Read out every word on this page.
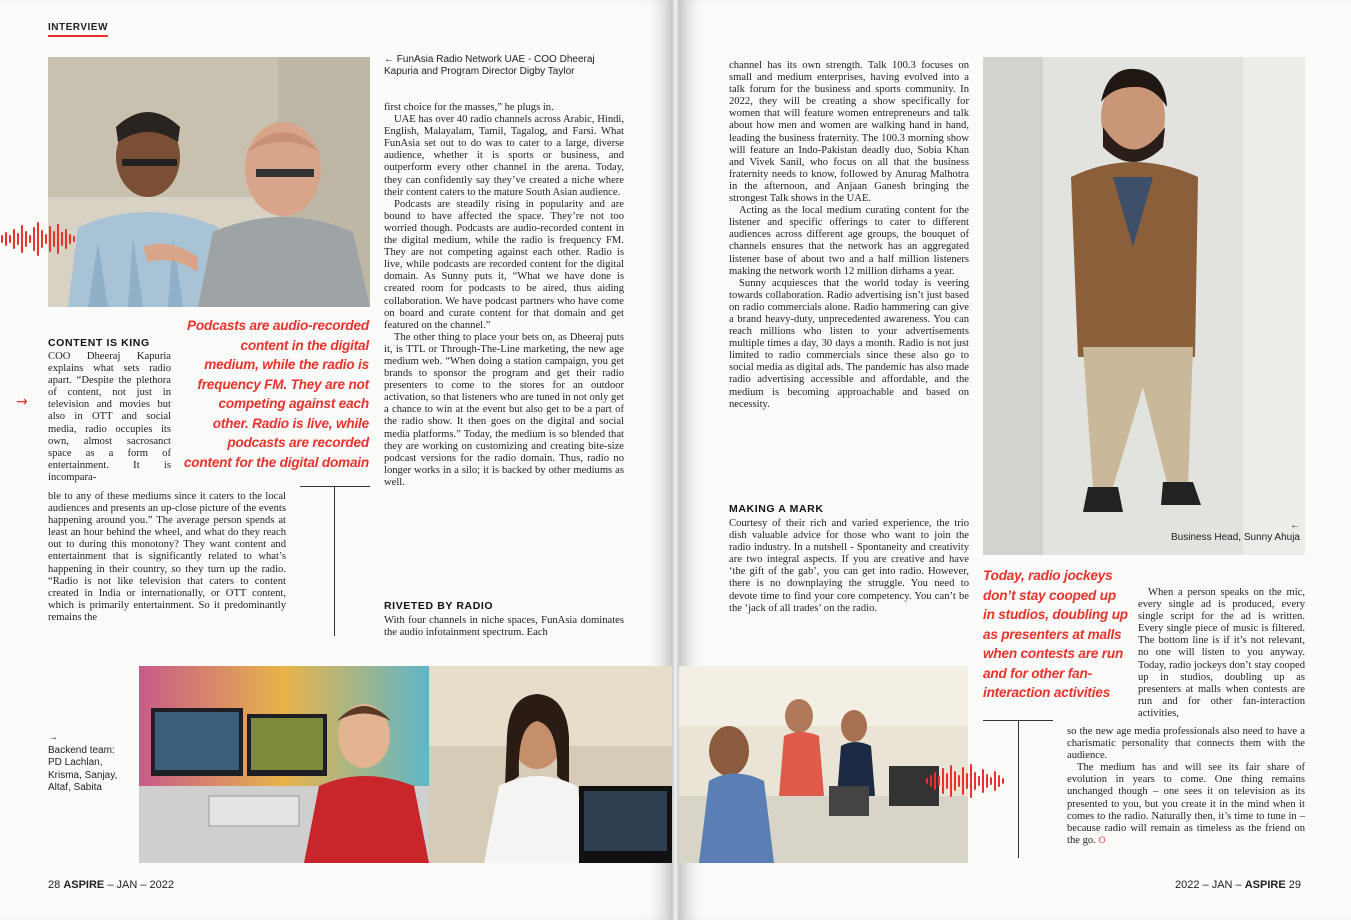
INTERVIEW
← FunAsia Radio Network UAE - COO Dheeraj Kapuria and Program Director Digby Taylor
CONTENT IS KING
→

COO Dheeraj Kapuria explains what sets radio apart. “Despite the plethora of content, not just in television and movies but also in OTT and social media, radio occupies its own, almost sacrosanct space as a form of entertainment. It is incompara-

Podcasts are audio-recorded content in the digital medium, while the radio is frequency FM. They are not competing against each other. Radio is live, while podcasts are recorded content for the digital domain

ble to any of these mediums since it caters to the local audiences and presents an up-close picture of the events happening around you.” The average person spends at least an hour behind the wheel, and what do they reach out to during this monotony? They want content and entertainment that is significantly related to what’s happening in their country, so they turn up the radio. “Radio is not like television that caters to content created in India or internationally, or OTT content, which is primarily entertainment. So it predominantly remains the

first choice for the masses,” he plugs in.

UAE has over 40 radio channels across Arabic, Hindi, English, Malayalam, Tamil, Tagalog, and Farsi. What FunAsia set out to do was to cater to a large, diverse audience, whether it is sports or business, and outperform every other channel in the arena. Today, they can confidently say they’ve created a niche where their content caters to the mature South Asian audience.

Podcasts are steadily rising in popularity and are bound to have affected the space. They’re not too worried though. Podcasts are audio-recorded content in the digital medium, while the radio is frequency FM. They are not competing against each other. Radio is live, while podcasts are recorded content for the digital domain. As Sunny puts it, “What we have done is created room for podcasts to be aired, thus aiding collaboration. We have podcast partners who have come on board and curate content for that domain and get featured on the channel.”

The other thing to place your bets on, as Dheeraj puts it, is TTL or Through-The-Line marketing, the new age medium web. “When doing a station campaign, you get brands to sponsor the program and get their radio presenters to come to the stores for an outdoor activation, so that listeners who are tuned in not only get a chance to win at the event but also get to be a part of the radio show. It then goes on the digital and social media platforms.” Today, the medium is so blended that they are working on customizing and creating bite-size podcast versions for the radio domain. Thus, radio no longer works in a silo; it is backed by other mediums as well.

RIVETED BY RADIO

With four channels in niche spaces, FunAsia dominates the audio infotainment spectrum. Each

→
Backend team: PD Lachlan, Krisma, Sanjay, Altaf, Sabita
28 ASPIRE – JAN – 2022

channel has its own strength. Talk 100.3 focuses on small and medium enterprises, having evolved into a talk forum for the business and sports community. In 2022, they will be creating a show specifically for women that will feature women entrepreneurs and talk about how men and women are walking hand in hand, leading the business fraternity. The 100.3 morning show will feature an Indo-Pakistan deadly duo, Sobia Khan and Vivek Sanil, who focus on all that the business fraternity needs to know, followed by Anurag Malhotra in the afternoon, and Anjaan Ganesh bringing the strongest Talk shows in the UAE.

Acting as the local medium curating content for the listener and specific offerings to cater to different audiences across different age groups, the bouquet of channels ensures that the network has an aggregated listener base of about two and a half million listeners making the network worth 12 million dirhams a year.

Sunny acquiesces that the world today is veering towards collaboration. Radio advertising isn’t just based on radio commercials alone. Radio hammering can give a brand heavy-duty, unprecedented awareness. You can reach millions who listen to your advertisements multiple times a day, 30 days a month. Radio is not just limited to radio commercials since these also go to social media as digital ads. The pandemic has also made radio advertising accessible and affordable, and the medium is becoming approachable and based on necessity.

MAKING A MARK

Courtesy of their rich and varied experience, the trio dish valuable advice for those who want to join the radio industry. In a nutshell - Spontaneity and creativity are two integral aspects. If you are creative and have ‘the gift of the gab’, you can get into radio. However, there is no downplaying the struggle. You need to devote time to find your core competency. You can’t be the ‘jack of all trades’ on the radio.

←
Business Head, Sunny Ahuja
Today, radio jockeys don’t stay cooped up in studios, doubling up as presenters at malls when contests are run and for other fan-interaction activities

When a person speaks on the mic, every single ad is produced, every single script for the ad is written. Every single piece of music is filtered. The bottom line is if it’s not relevant, no one will listen to you anyway. Today, radio jockeys don’t stay cooped up in studios, doubling up as presenters at malls when contests are run and for other fan-interaction activities,

so the new age media professionals also need to have a charismatic personality that connects them with the audience.

The medium has and will see its fair share of evolution in years to come. One thing remains unchanged though – one sees it on television as its presented to you, but you create it in the mind when it comes to the radio. Naturally then, it’s time to tune in – because radio will remain as timeless as the friend on the go. ⭘

2022 – JAN – ASPIRE 29
